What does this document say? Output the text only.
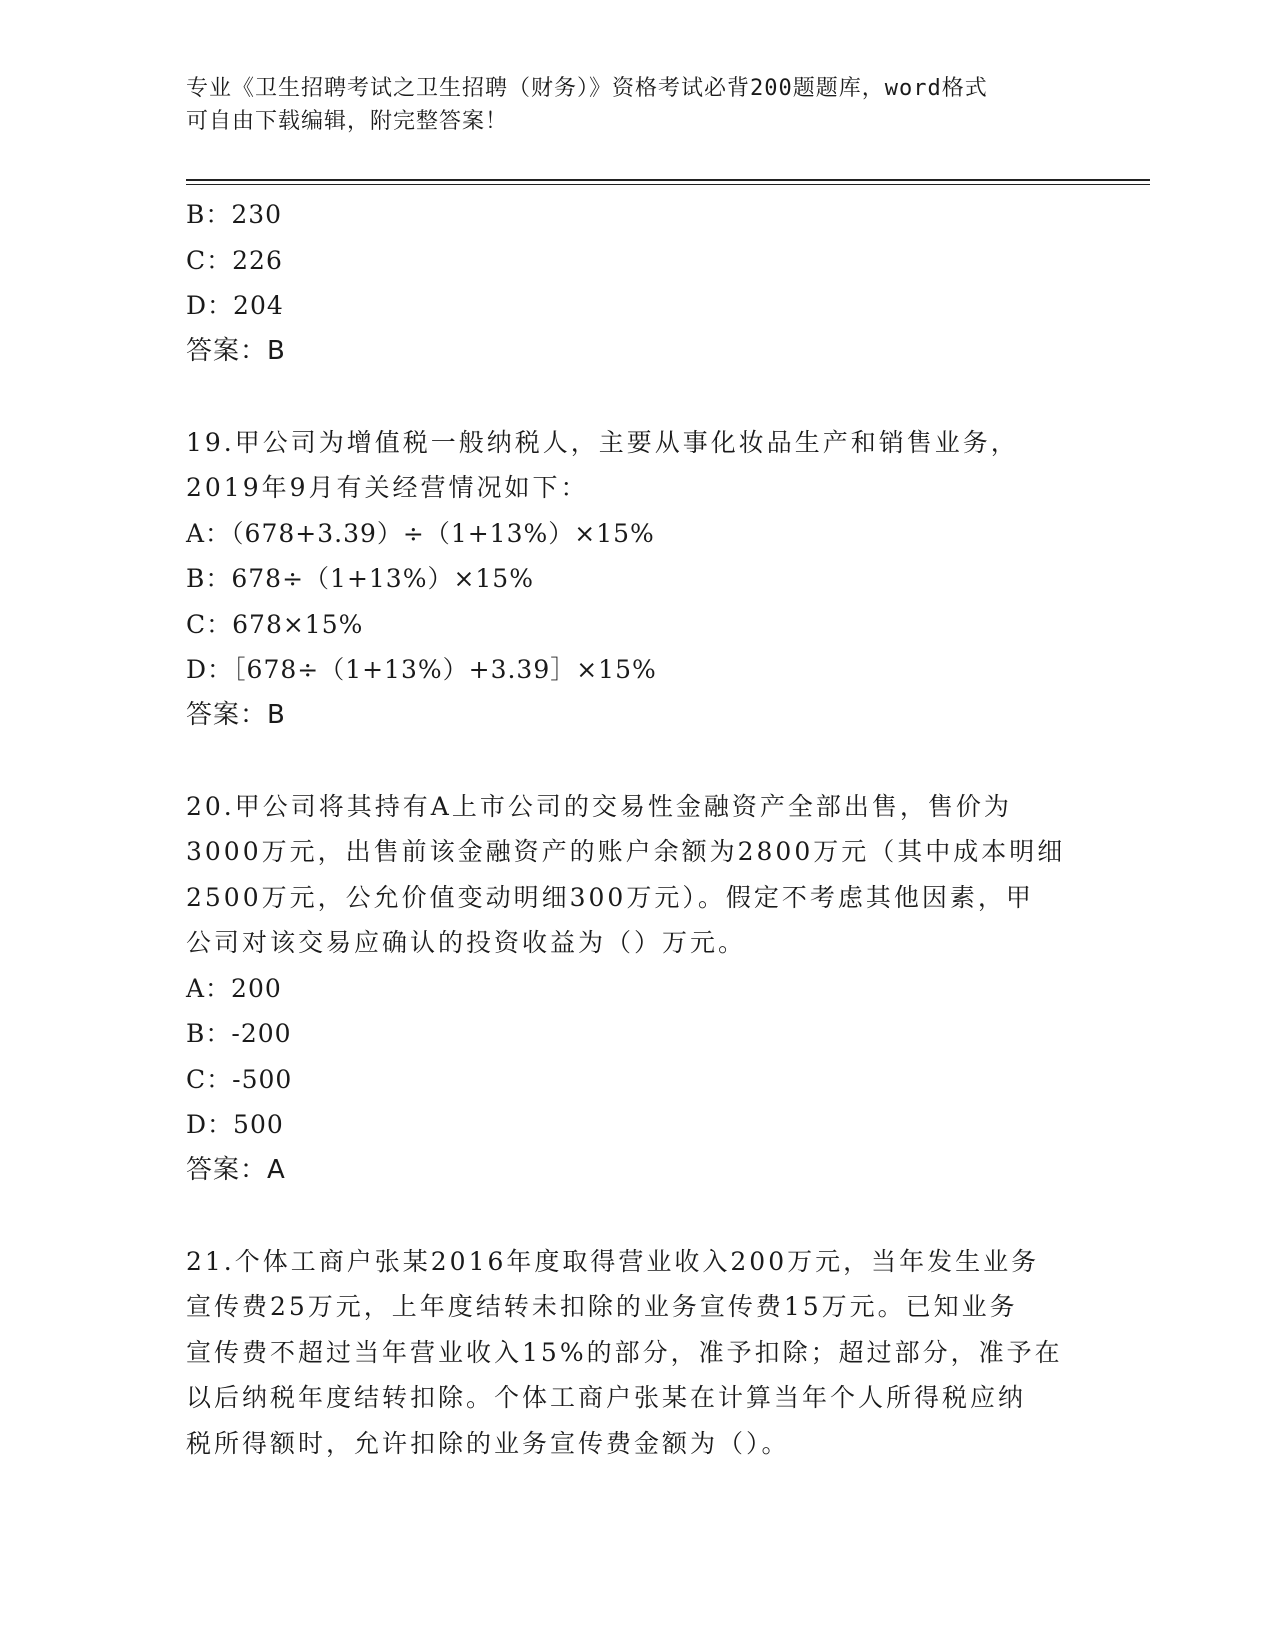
专业《卫生招聘考试之卫生招聘（财务）》资格考试必背200题题库，word格式
可自由下载编辑，附完整答案！
B：230
C：226
D：204
答案：B
19.甲公司为增值税一般纳税人，主要从事化妆品生产和销售业务，
2019年9月有关经营情况如下：
A：（678+3.39）÷（1+13%）×15%
B：678÷（1+13%）×15%
C：678×15%
D：［678÷（1+13%）+3.39］×15%
答案：B
20.甲公司将其持有A上市公司的交易性金融资产全部出售，售价为
3000万元，出售前该金融资产的账户余额为2800万元（其中成本明细
2500万元，公允价值变动明细300万元）。假定不考虑其他因素，甲
公司对该交易应确认的投资收益为（）万元。
A：200
B：-200
C：-500
D：500
答案：A
21.个体工商户张某2016年度取得营业收入200万元，当年发生业务
宣传费25万元，上年度结转未扣除的业务宣传费15万元。已知业务
宣传费不超过当年营业收入15%的部分，准予扣除；超过部分，准予在
以后纳税年度结转扣除。个体工商户张某在计算当年个人所得税应纳
税所得额时，允许扣除的业务宣传费金额为（）。
